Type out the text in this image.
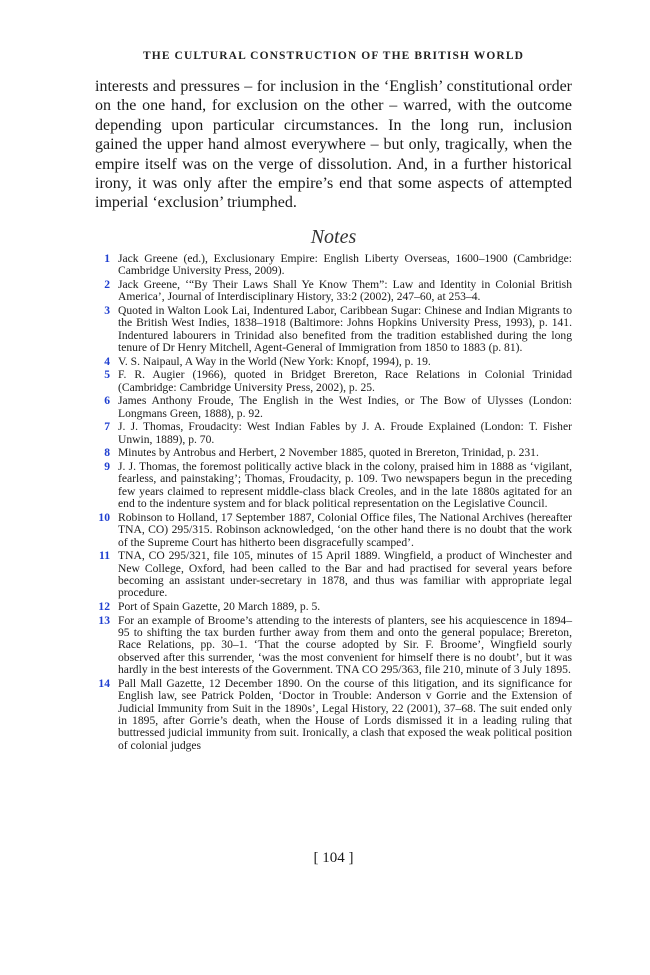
THE CULTURAL CONSTRUCTION OF THE BRITISH WORLD

interests and pressures – for inclusion in the ‘English’ constitutional order on the one hand, for exclusion on the other – warred, with the outcome depending upon particular circumstances. In the long run, inclusion gained the upper hand almost everywhere – but only, tragically, when the empire itself was on the verge of dissolution. And, in a further historical irony, it was only after the empire’s end that some aspects of attempted imperial ‘exclusion’ triumphed.

Notes
1 Jack Greene (ed.), Exclusionary Empire: English Liberty Overseas, 1600–1900 (Cambridge: Cambridge University Press, 2009).
2 Jack Greene, ‘“By Their Laws Shall Ye Know Them”: Law and Identity in Colonial British America’, Journal of Interdisciplinary History, 33:2 (2002), 247–60, at 253–4.
3 Quoted in Walton Look Lai, Indentured Labor, Caribbean Sugar: Chinese and Indian Migrants to the British West Indies, 1838–1918 (Baltimore: Johns Hopkins University Press, 1993), p. 141. Indentured labourers in Trinidad also benefited from the tradition established during the long tenure of Dr Henry Mitchell, Agent-General of Immigration from 1850 to 1883 (p. 81).
4 V. S. Naipaul, A Way in the World (New York: Knopf, 1994), p. 19.
5 F. R. Augier (1966), quoted in Bridget Brereton, Race Relations in Colonial Trinidad (Cambridge: Cambridge University Press, 2002), p. 25.
6 James Anthony Froude, The English in the West Indies, or The Bow of Ulysses (London: Longmans Green, 1888), p. 92.
7 J. J. Thomas, Froudacity: West Indian Fables by J. A. Froude Explained (London: T. Fisher Unwin, 1889), p. 70.
8 Minutes by Antrobus and Herbert, 2 November 1885, quoted in Brereton, Trinidad, p. 231.
9 J. J. Thomas, the foremost politically active black in the colony, praised him in 1888 as ‘vigilant, fearless, and painstaking’; Thomas, Froudacity, p. 109. Two newspapers begun in the preceding few years claimed to represent middle-class black Creoles, and in the late 1880s agitated for an end to the indenture system and for black political representation on the Legislative Council.
10 Robinson to Holland, 17 September 1887, Colonial Office files, The National Archives (hereafter TNA, CO) 295/315. Robinson acknowledged, ‘on the other hand there is no doubt that the work of the Supreme Court has hitherto been disgracefully scamped’.
11 TNA, CO 295/321, file 105, minutes of 15 April 1889. Wingfield, a product of Winchester and New College, Oxford, had been called to the Bar and had practised for several years before becoming an assistant under-secretary in 1878, and thus was familiar with appropriate legal procedure.
12 Port of Spain Gazette, 20 March 1889, p. 5.
13 For an example of Broome’s attending to the interests of planters, see his acquiescence in 1894–95 to shifting the tax burden further away from them and onto the general populace; Brereton, Race Relations, pp. 30–1. ‘That the course adopted by Sir. F. Broome’, Wingfield sourly observed after this surrender, ‘was the most convenient for himself there is no doubt’, but it was hardly in the best interests of the Government. TNA CO 295/363, file 210, minute of 3 July 1895.
14 Pall Mall Gazette, 12 December 1890. On the course of this litigation, and its significance for English law, see Patrick Polden, ‘Doctor in Trouble: Anderson v Gorrie and the Extension of Judicial Immunity from Suit in the 1890s’, Legal History, 22 (2001), 37–68. The suit ended only in 1895, after Gorrie’s death, when the House of Lords dismissed it in a leading ruling that buttressed judicial immunity from suit. Ironically, a clash that exposed the weak political position of colonial judges
[ 104 ]
